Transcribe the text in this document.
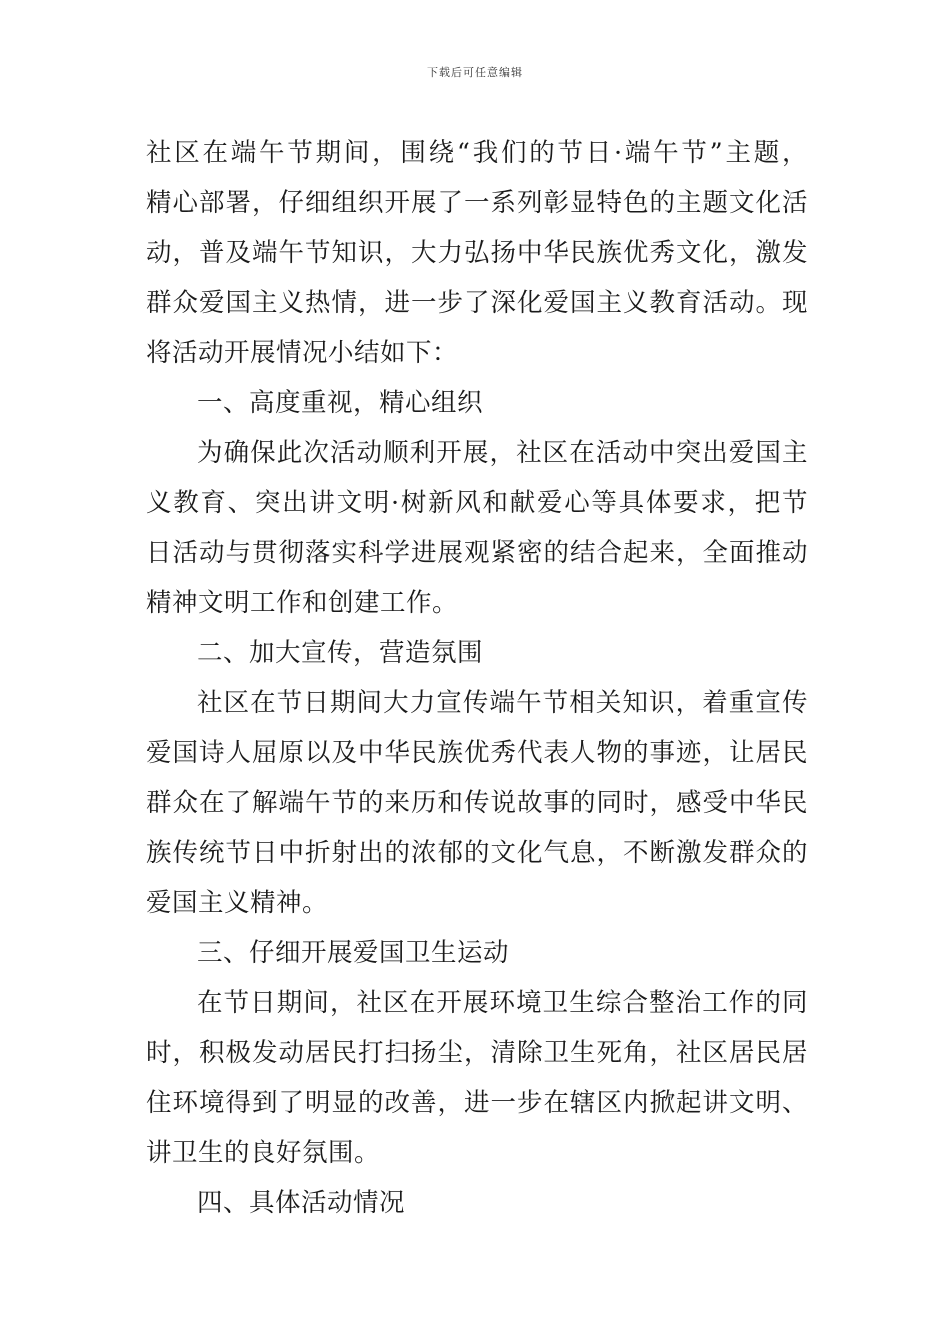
下载后可任意编辑
社区在端午节期间，围绕“我们的节日·端午节”主题，
精心部署，仔细组织开展了一系列彰显特色的主题文化活
动，普及端午节知识，大力弘扬中华民族优秀文化，激发
群众爱国主义热情，进一步了深化爱国主义教育活动。现
将活动开展情况小结如下：
一、高度重视，精心组织
为确保此次活动顺利开展，社区在活动中突出爱国主
义教育、突出讲文明·树新风和献爱心等具体要求，把节
日活动与贯彻落实科学进展观紧密的结合起来，全面推动
精神文明工作和创建工作。
二、加大宣传，营造氛围
社区在节日期间大力宣传端午节相关知识，着重宣传
爱国诗人屈原以及中华民族优秀代表人物的事迹，让居民
群众在了解端午节的来历和传说故事的同时，感受中华民
族传统节日中折射出的浓郁的文化气息，不断激发群众的
爱国主义精神。
三、仔细开展爱国卫生运动
在节日期间，社区在开展环境卫生综合整治工作的同
时，积极发动居民打扫扬尘，清除卫生死角，社区居民居
住环境得到了明显的改善，进一步在辖区内掀起讲文明、
讲卫生的良好氛围。
四、具体活动情况
